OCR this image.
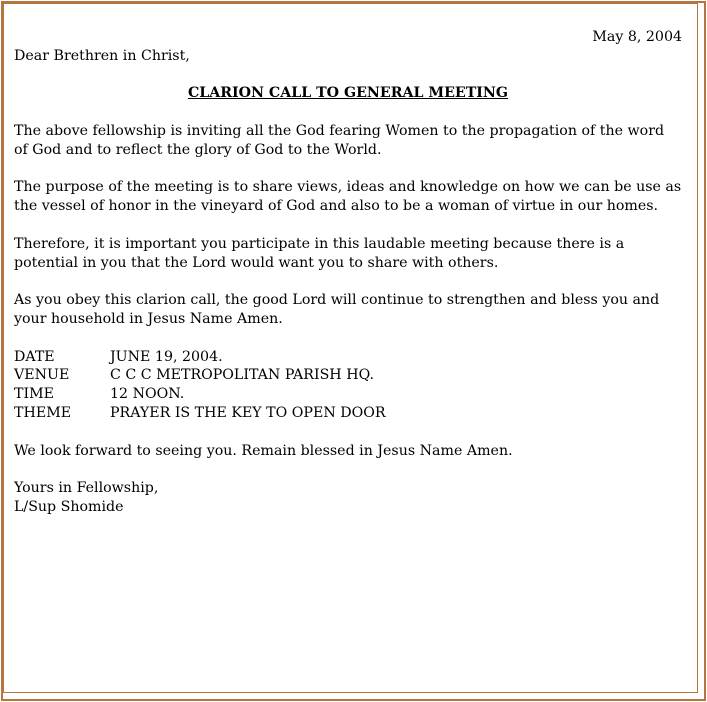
May 8, 2004

Dear Brethren in Christ,

CLARION CALL TO GENERAL MEETING

The above fellowship is inviting all the God fearing Women to the propagation of the word of God and to reflect the glory of God to the World.

The purpose of the meeting is to share views, ideas and knowledge on how we can be use as the vessel of honor in the vineyard of God and also to be a woman of virtue in our homes.

Therefore, it is important you participate in this laudable meeting because there is a potential in you that the Lord would want you to share with others.

As you obey this clarion call, the good Lord will continue to strengthen and bless you and your household in Jesus Name Amen.

DATE	JUNE 19, 2004.
VENUE	C C C METROPOLITAN PARISH HQ.
TIME	12 NOON.
THEME	PRAYER IS THE KEY TO OPEN DOOR

We look forward to seeing you. Remain blessed in Jesus Name Amen.

Yours in Fellowship,

L/Sup Shomide
